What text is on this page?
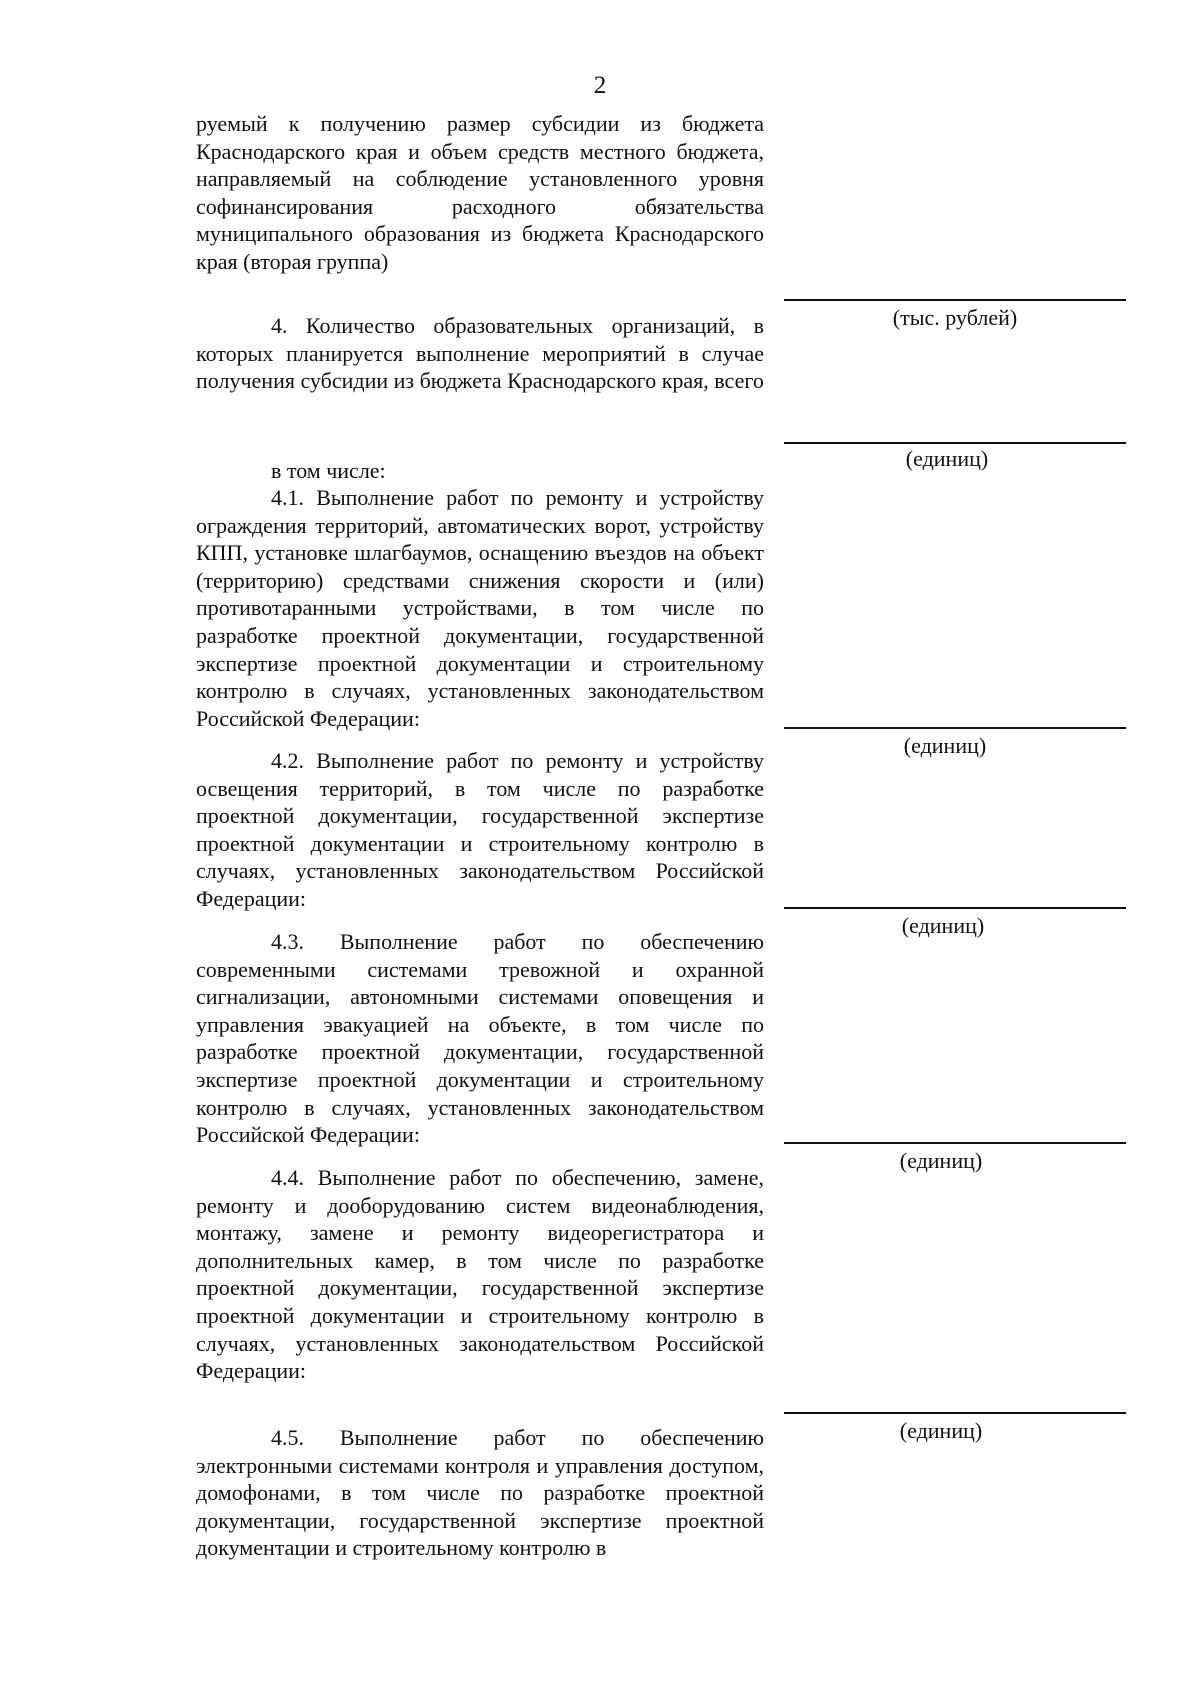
2

руемый к получению размер субсидии из бюджета Краснодарского края и объем средств местного бюджета, направляемый на соблюдение установленного уровня софинансирования расходного обязательства муниципального образования из бюджета Краснодарского края (вторая группа)

4. Количество образовательных организаций, в которых планируется выполнение мероприятий в случае получения субсидии из бюджета Краснодарского края, всего

в том числе:

4.1. Выполнение работ по ремонту и устройству ограждения территорий, автоматических ворот, устройству КПП, установке шлагбаумов, оснащению въездов на объект (территорию) средствами снижения скорости и (или) противотаранными устройствами, в том числе по разработке проектной документации, государственной экспертизе проектной документации и строительному контролю в случаях, установленных законодательством Российской Федерации:

4.2. Выполнение работ по ремонту и устройству освещения территорий, в том числе по разработке проектной документации, государственной экспертизе проектной документации и строительному контролю в случаях, установленных законодательством Российской Федерации:

4.3. Выполнение работ по обеспечению современными системами тревожной и охранной сигнализации, автономными системами оповещения и управления эвакуацией на объекте, в том числе по разработке проектной документации, государственной экспертизе проектной документации и строительному контролю в случаях, установленных законодательством Российской Федерации:

4.4. Выполнение работ по обеспечению, замене, ремонту и дооборудованию систем видеонаблюдения, монтажу, замене и ремонту видеорегистратора и дополнительных камер, в том числе по разработке проектной документации, государственной экспертизе проектной документации и строительному контролю в случаях, установленных законодательством Российской Федерации:

4.5. Выполнение работ по обеспечению электронными системами контроля и управления доступом, домофонами, в том числе по разработке проектной документации, государственной экспертизе проектной документации и строительному контролю в

(тыс. рублей)
(единиц)
(единиц)
(единиц)
(единиц)
(единиц)
